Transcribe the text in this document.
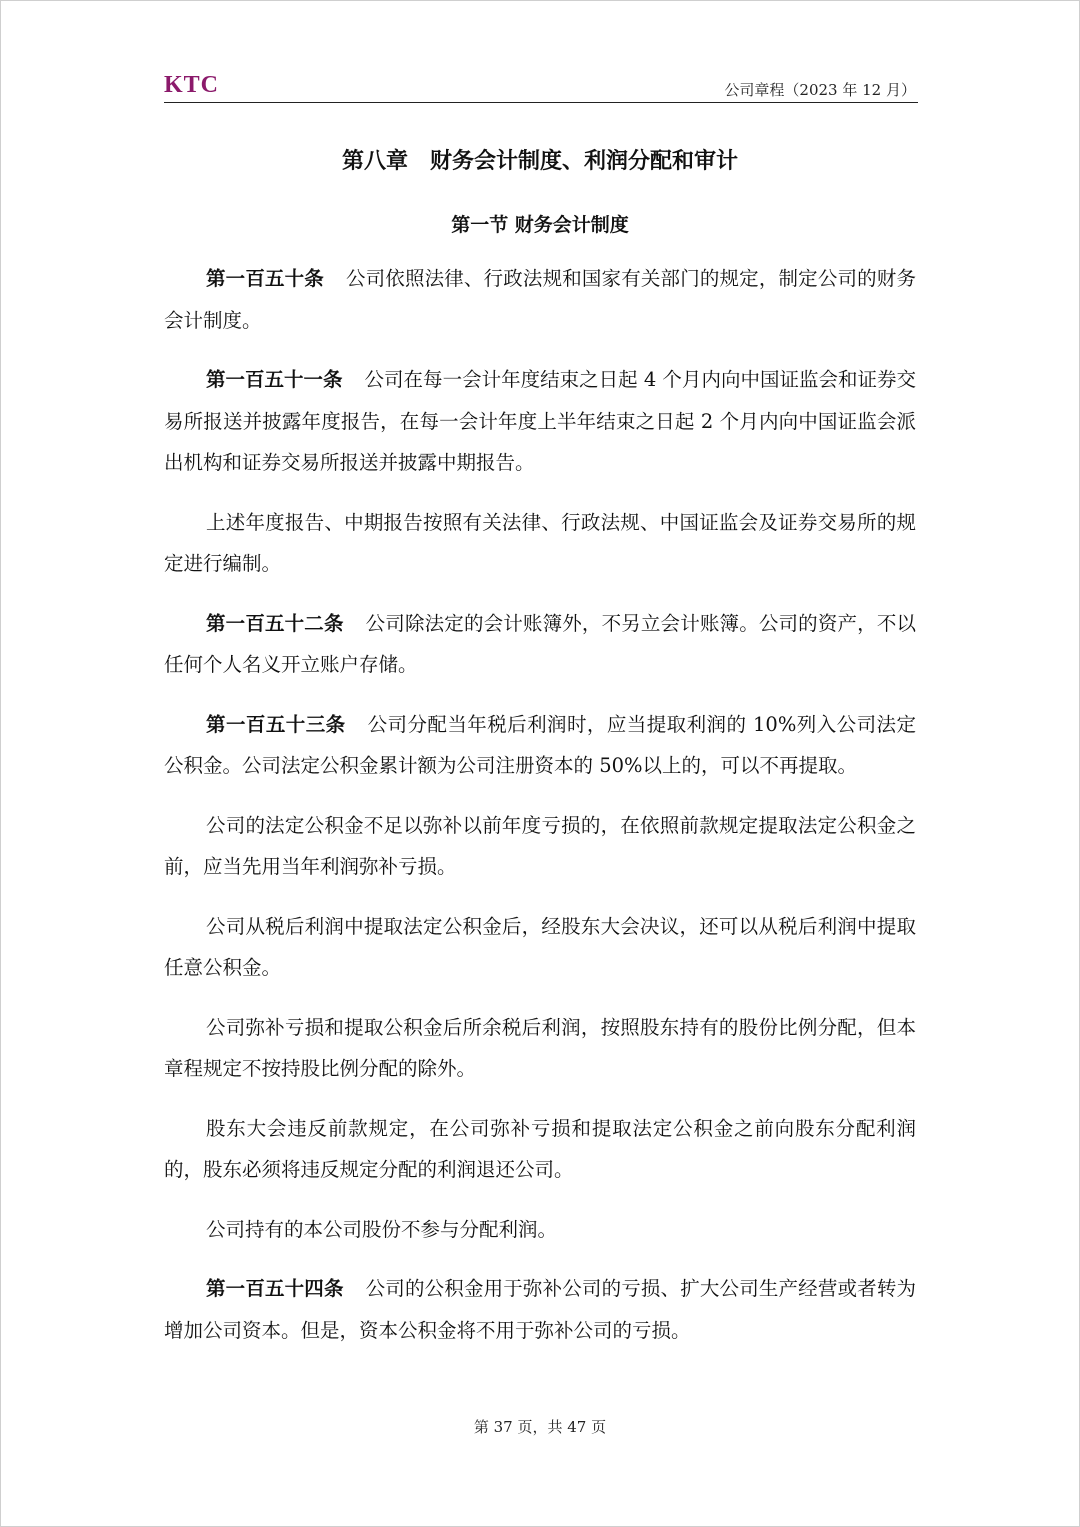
KTC	公司章程（2023 年 12 月）
第八章　财务会计制度、利润分配和审计
第一节 财务会计制度

第一百五十条 公司依照法律、行政法规和国家有关部门的规定，制定公司的财务会计制度。

第一百五十一条 公司在每一会计年度结束之日起 4 个月内向中国证监会和证券交易所报送并披露年度报告，在每一会计年度上半年结束之日起 2 个月内向中国证监会派出机构和证券交易所报送并披露中期报告。

上述年度报告、中期报告按照有关法律、行政法规、中国证监会及证券交易所的规定进行编制。

第一百五十二条 公司除法定的会计账簿外，不另立会计账簿。公司的资产，不以任何个人名义开立账户存储。

第一百五十三条 公司分配当年税后利润时，应当提取利润的 10%列入公司法定公积金。公司法定公积金累计额为公司注册资本的 50%以上的，可以不再提取。

公司的法定公积金不足以弥补以前年度亏损的，在依照前款规定提取法定公积金之前，应当先用当年利润弥补亏损。

公司从税后利润中提取法定公积金后，经股东大会决议，还可以从税后利润中提取任意公积金。

公司弥补亏损和提取公积金后所余税后利润，按照股东持有的股份比例分配，但本章程规定不按持股比例分配的除外。

股东大会违反前款规定，在公司弥补亏损和提取法定公积金之前向股东分配利润的，股东必须将违反规定分配的利润退还公司。

公司持有的本公司股份不参与分配利润。

第一百五十四条 公司的公积金用于弥补公司的亏损、扩大公司生产经营或者转为增加公司资本。但是，资本公积金将不用于弥补公司的亏损。

第 37 页，共 47 页
